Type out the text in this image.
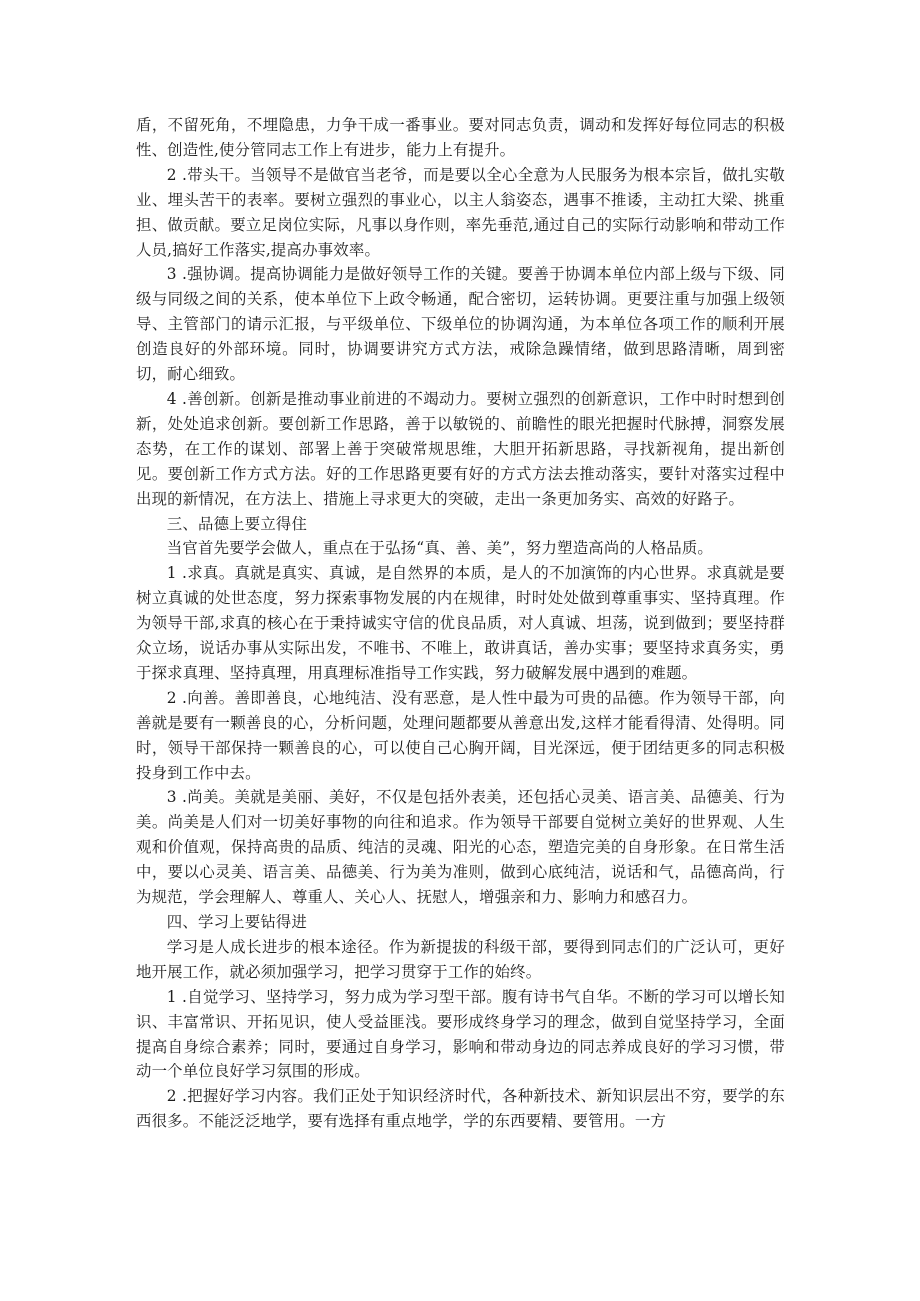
盾，不留死角，不埋隐患，力争干成一番事业。要对同志负责，调动和发挥好每位同志的积极性、创造性,使分管同志工作上有进步，能力上有提升。

2 .带头干。当领导不是做官当老爷，而是要以全心全意为人民服务为根本宗旨，做扎实敬业、埋头苦干的表率。要树立强烈的事业心，以主人翁姿态，遇事不推诿，主动扛大梁、挑重担、做贡献。要立足岗位实际，凡事以身作则，率先垂范,通过自己的实际行动影响和带动工作人员,搞好工作落实,提高办事效率。

3 .强协调。提高协调能力是做好领导工作的关键。要善于协调本单位内部上级与下级、同级与同级之间的关系，使本单位下上政令畅通，配合密切，运转协调。更要注重与加强上级领导、主管部门的请示汇报，与平级单位、下级单位的协调沟通，为本单位各项工作的顺利开展创造良好的外部环境。同时，协调要讲究方式方法，戒除急躁情绪，做到思路清晰，周到密切，耐心细致。

4 .善创新。创新是推动事业前进的不竭动力。要树立强烈的创新意识，工作中时时想到创新，处处追求创新。要创新工作思路，善于以敏锐的、前瞻性的眼光把握时代脉搏，洞察发展态势，在工作的谋划、部署上善于突破常规思维，大胆开拓新思路，寻找新视角，提出新创见。要创新工作方式方法。好的工作思路更要有好的方式方法去推动落实，要针对落实过程中出现的新情况，在方法上、措施上寻求更大的突破，走出一条更加务实、高效的好路子。

三、品德上要立得住

当官首先要学会做人，重点在于弘扬“真、善、美”，努力塑造高尚的人格品质。

1 .求真。真就是真实、真诚，是自然界的本质，是人的不加演饰的内心世界。求真就是要树立真诚的处世态度，努力探索事物发展的内在规律，时时处处做到尊重事实、坚持真理。作为领导干部,求真的核心在于秉持诚实守信的优良品质，对人真诚、坦荡，说到做到；要坚持群众立场，说话办事从实际出发，不唯书、不唯上，敢讲真话，善办实事；要坚持求真务实，勇于探求真理、坚持真理，用真理标准指导工作实践，努力破解发展中遇到的难题。

2 .向善。善即善良，心地纯洁、没有恶意，是人性中最为可贵的品德。作为领导干部，向善就是要有一颗善良的心，分析问题，处理问题都要从善意出发,这样才能看得清、处得明。同时，领导干部保持一颗善良的心，可以使自己心胸开阔，目光深远，便于团结更多的同志积极投身到工作中去。

3 .尚美。美就是美丽、美好，不仅是包括外表美，还包括心灵美、语言美、品德美、行为美。尚美是人们对一切美好事物的向往和追求。作为领导干部要自觉树立美好的世界观、人生观和价值观，保持高贵的品质、纯洁的灵魂、阳光的心态，塑造完美的自身形象。在日常生活中，要以心灵美、语言美、品德美、行为美为准则，做到心底纯洁，说话和气，品德高尚，行为规范，学会理解人、尊重人、关心人、抚慰人，增强亲和力、影响力和感召力。

四、学习上要钻得进

学习是人成长进步的根本途径。作为新提拔的科级干部，要得到同志们的广泛认可，更好地开展工作，就必须加强学习，把学习贯穿于工作的始终。

1 .自觉学习、坚持学习，努力成为学习型干部。腹有诗书气自华。不断的学习可以增长知识、丰富常识、开拓见识，使人受益匪浅。要形成终身学习的理念，做到自觉坚持学习，全面提高自身综合素养；同时，要通过自身学习，影响和带动身边的同志养成良好的学习习惯，带动一个单位良好学习氛围的形成。

2 .把握好学习内容。我们正处于知识经济时代，各种新技术、新知识层出不穷，要学的东西很多。不能泛泛地学，要有选择有重点地学，学的东西要精、要管用。一方
